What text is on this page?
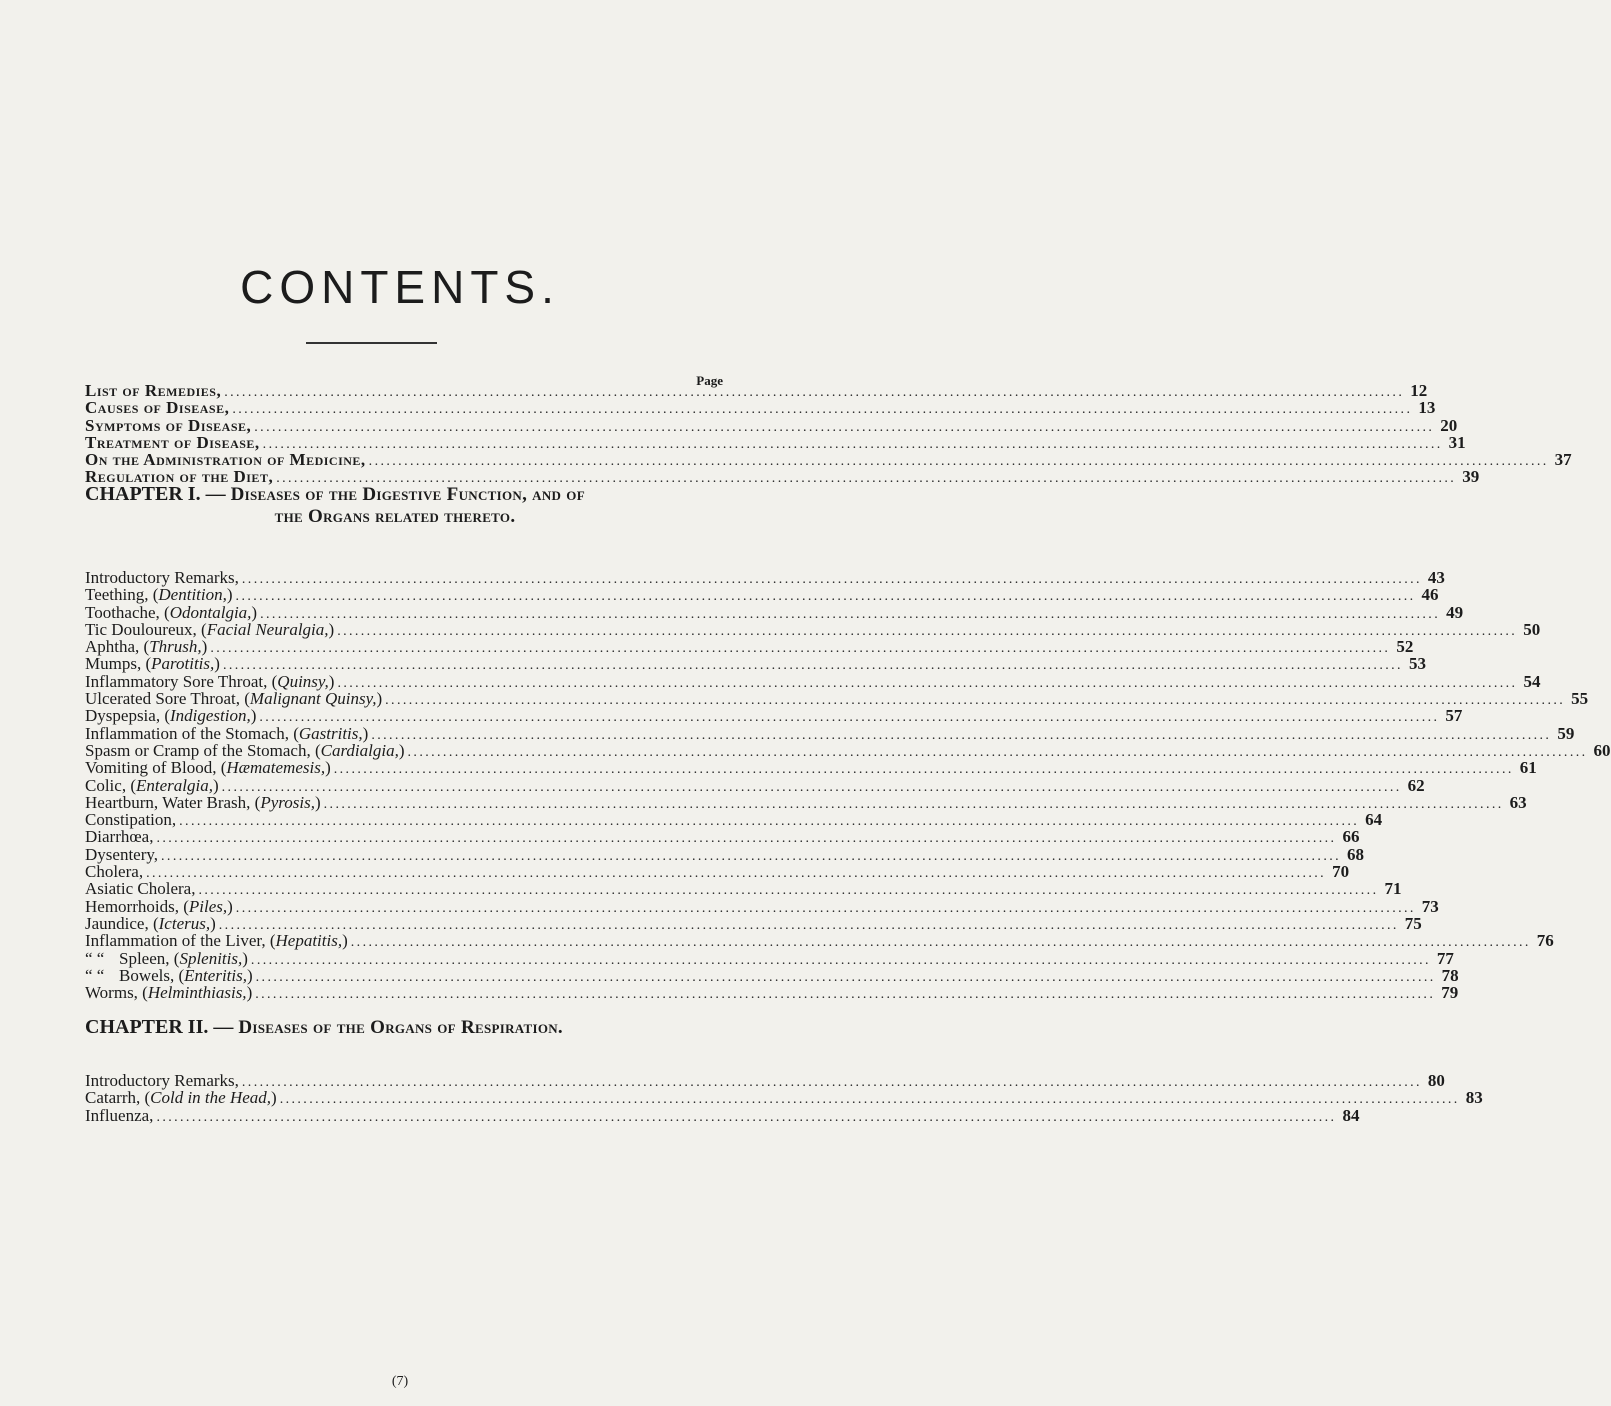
CONTENTS.
Page
List of Remedies, ........................................................................................................................................................................................................ 12
Causes of Disease, ........................................................................................................................................................................................................ 13
Symptoms of Disease, ........................................................................................................................................................................................................ 20
Treatment of Disease, ........................................................................................................................................................................................................ 31
On the Administration of Medicine, ........................................................................................................................................................................................................ 37
Regulation of the Diet, ........................................................................................................................................................................................................ 39
CHAPTER I. — Diseases of the Digestive Function, and of
the Organs related thereto.
Introductory Remarks, ........................................................................................................................................................................................................ 43
Teething, (Dentition,) ........................................................................................................................................................................................................ 46
Toothache, (Odontalgia,) ........................................................................................................................................................................................................ 49
Tic Douloureux, (Facial Neuralgia,) ........................................................................................................................................................................................................ 50
Aphtha, (Thrush,) ........................................................................................................................................................................................................ 52
Mumps, (Parotitis,) ........................................................................................................................................................................................................ 53
Inflammatory Sore Throat, (Quinsy,) ........................................................................................................................................................................................................ 54
Ulcerated Sore Throat, (Malignant Quinsy,) ........................................................................................................................................................................................................ 55
Dyspepsia, (Indigestion,) ........................................................................................................................................................................................................ 57
Inflammation of the Stomach, (Gastritis,) ........................................................................................................................................................................................................ 59
Spasm or Cramp of the Stomach, (Cardialgia,) ........................................................................................................................................................................................................ 60
Vomiting of Blood, (Hæmatemesis,) ........................................................................................................................................................................................................ 61
Colic, (Enteralgia,) ........................................................................................................................................................................................................ 62
Heartburn, Water Brash, (Pyrosis,) ........................................................................................................................................................................................................ 63
Constipation, ........................................................................................................................................................................................................ 64
Diarrhœa, ........................................................................................................................................................................................................ 66
Dysentery, ........................................................................................................................................................................................................ 68
Cholera, ........................................................................................................................................................................................................ 70
Asiatic Cholera, ........................................................................................................................................................................................................ 71
Hemorrhoids, (Piles,) ........................................................................................................................................................................................................ 73
Jaundice, (Icterus,) ........................................................................................................................................................................................................ 75
Inflammation of the Liver, (Hepatitis,) ........................................................................................................................................................................................................ 76
“ “ Spleen, (Splenitis,) ........................................................................................................................................................................................................ 77
“ “ Bowels, (Enteritis,) ........................................................................................................................................................................................................ 78
Worms, (Helminthiasis,) ........................................................................................................................................................................................................ 79
CHAPTER II. — Diseases of the Organs of Respiration.
Introductory Remarks, ........................................................................................................................................................................................................ 80
Catarrh, (Cold in the Head,) ........................................................................................................................................................................................................ 83
Influenza, ........................................................................................................................................................................................................ 84
(7)
